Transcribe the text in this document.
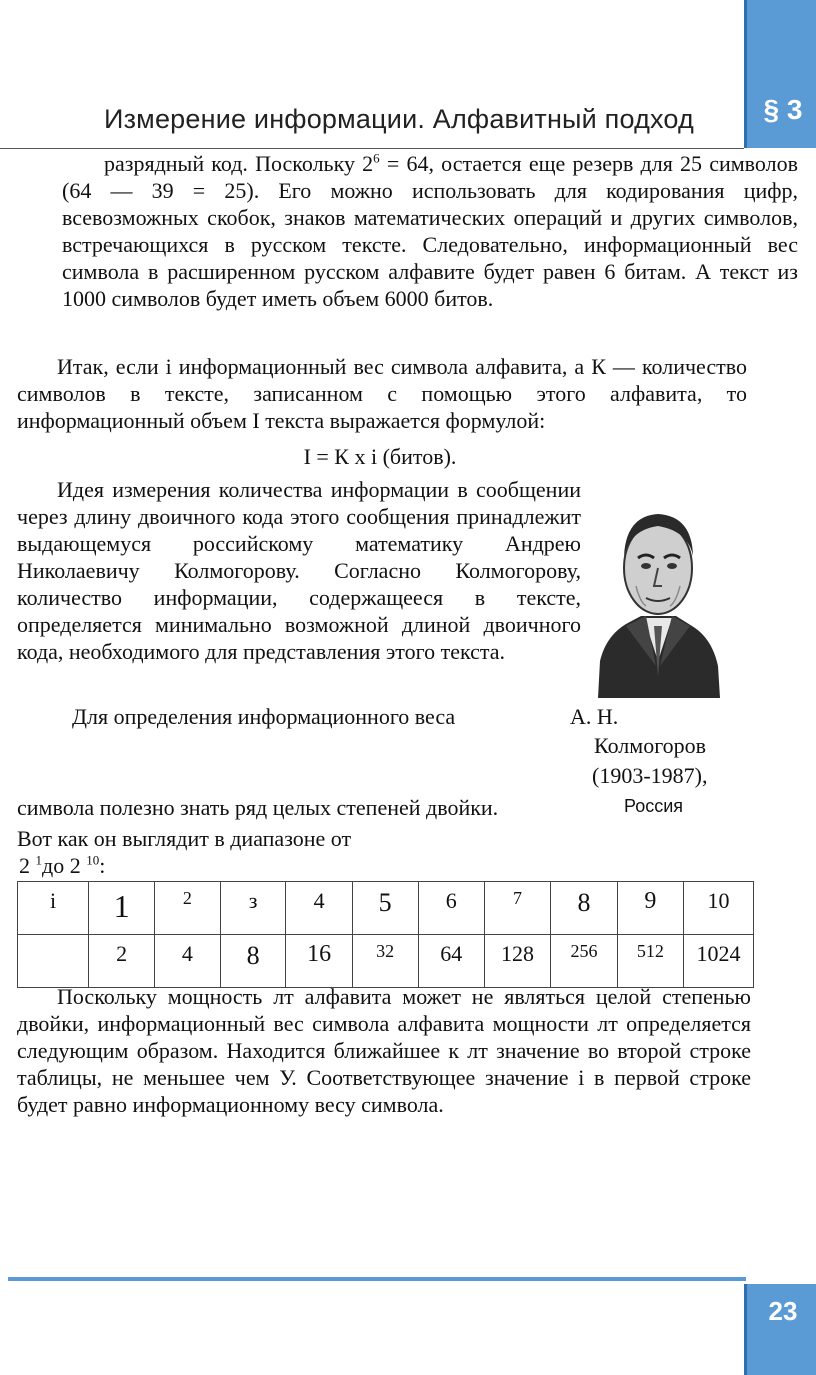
§ 3
Измерение информации. Алфавитный подход
разрядный код. Поскольку $2^6 = 64$, остается еще резерв для 25 символов (64 — 39 = 25). Его можно использовать для кодирования цифр, всевозможных скобок, знаков математических операций и других символов, встречающихся в русском тексте. Следовательно, информационный вес символа в расширенном русском алфавите будет равен 6 битам. А текст из 1000 символов будет иметь объем 6000 битов.
Итак, если i информационный вес символа алфавита, а К — количество символов в тексте, записанном с помощью этого алфавита, то информационный объем I текста выражается формулой:
I = К х i (битов).
Идея измерения количества информации в сообщении через длину двоичного кода этого сообщения принадлежит выдающемуся российскому математику Андрею Николаевичу Колмогорову. Согласно Колмогорову, количество информации, содержащееся в тексте, определяется минимально возможной длиной двоичного кода, необходимого для представления этого текста.
Для определения информационного веса	А. Н.
Колмогоров
(1903-1987),
символа полезно знать ряд целых степеней двойки.	Россия
Вот как он выглядит в диапазоне от
2 $^1$до 2 $^{10}$:
i	1	2	з	4	5	6	7	8	9	10
	2	4	8	16	32	64	128	256	512	1024
Поскольку мощность лт алфавита может не являться целой степенью двойки, информационный вес символа алфавита мощности лт определяется следующим образом. Находится ближайшее к лт значение во второй строке таблицы, не меньшее чем У. Соответствующее значение i в первой строке будет равно информационному весу символа.
23
